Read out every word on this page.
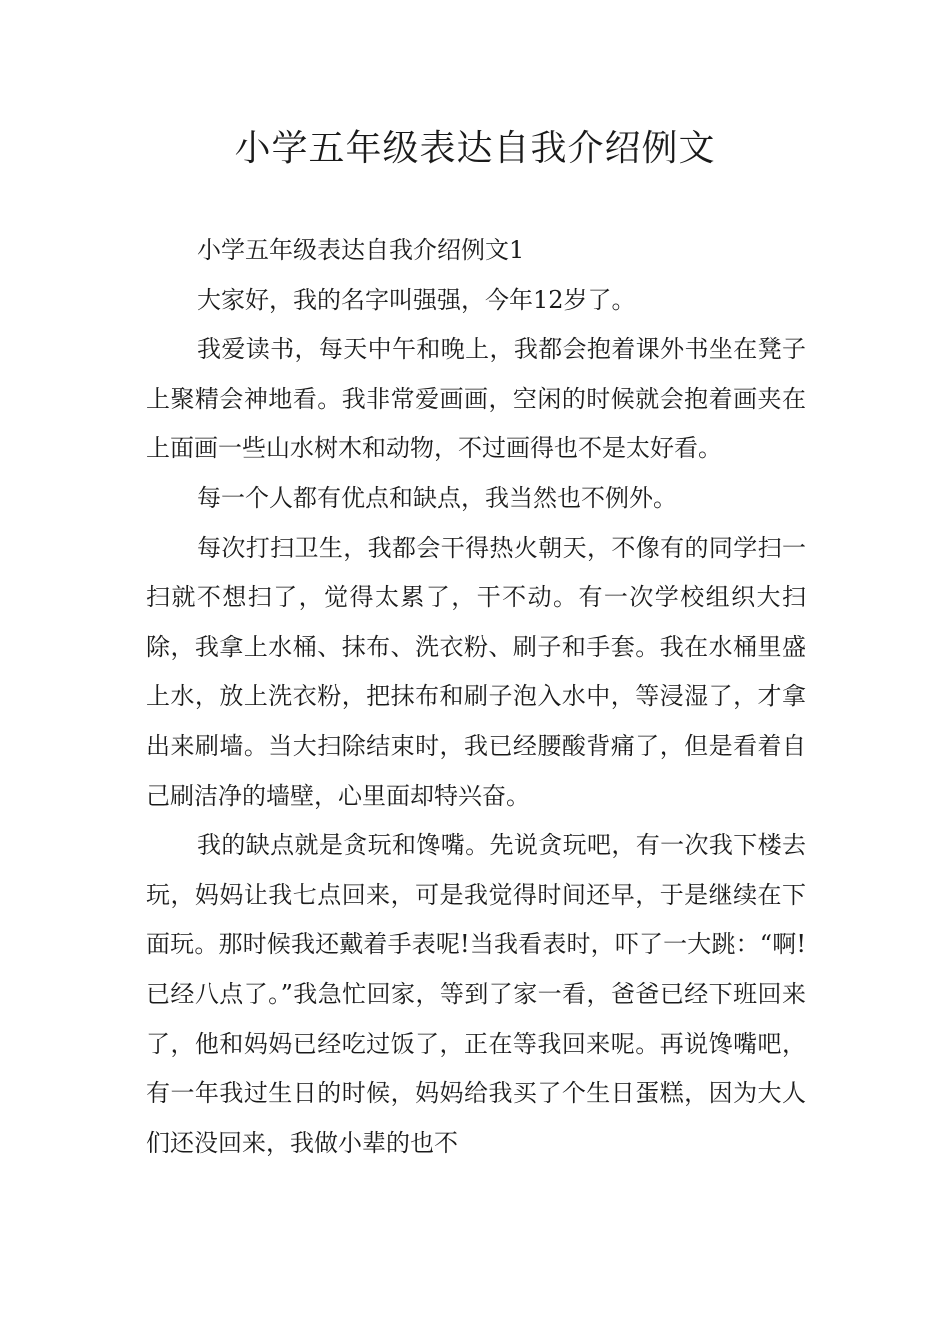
小学五年级表达自我介绍例文

小学五年级表达自我介绍例文1

大家好，我的名字叫强强，今年12岁了。

我爱读书，每天中午和晚上，我都会抱着课外书坐在凳子上聚精会神地看。我非常爱画画，空闲的时候就会抱着画夹在上面画一些山水树木和动物，不过画得也不是太好看。

每一个人都有优点和缺点，我当然也不例外。

每次打扫卫生，我都会干得热火朝天，不像有的同学扫一扫就不想扫了，觉得太累了，干不动。有一次学校组织大扫除，我拿上水桶、抹布、洗衣粉、刷子和手套。我在水桶里盛上水，放上洗衣粉，把抹布和刷子泡入水中，等浸湿了，才拿出来刷墙。当大扫除结束时，我已经腰酸背痛了，但是看着自己刷洁净的墙壁，心里面却特兴奋。

我的缺点就是贪玩和馋嘴。先说贪玩吧，有一次我下楼去玩，妈妈让我七点回来，可是我觉得时间还早，于是继续在下面玩。那时候我还戴着手表呢!当我看表时，吓了一大跳：“啊!已经八点了。”我急忙回家，等到了家一看，爸爸已经下班回来了，他和妈妈已经吃过饭了，正在等我回来呢。再说馋嘴吧，有一年我过生日的时候，妈妈给我买了个生日蛋糕，因为大人们还没回来，我做小辈的也不
